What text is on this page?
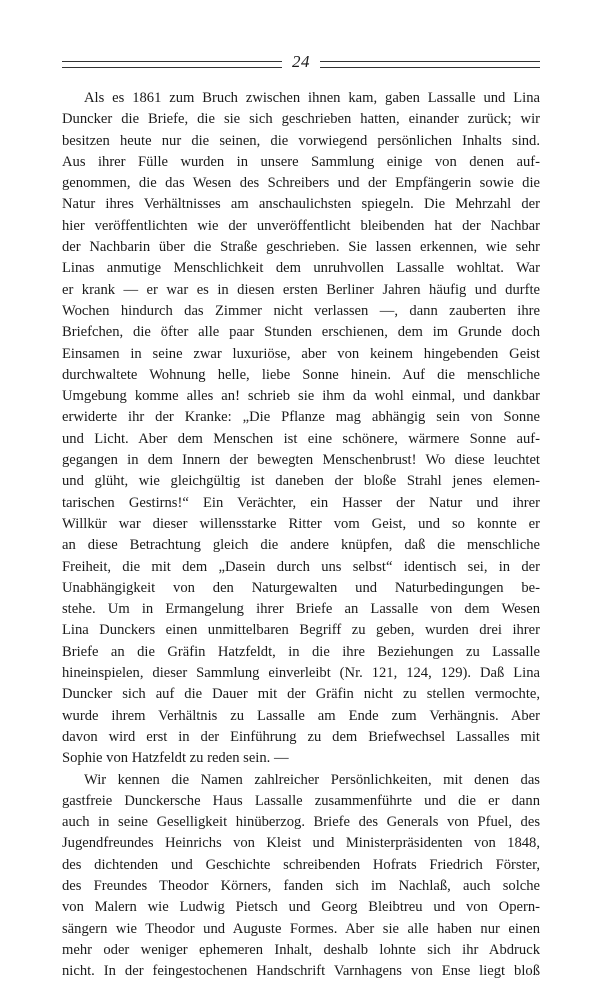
24

Als es 1861 zum Bruch zwischen ihnen kam, gaben Lassalle und Lina
Duncker die Briefe, die sie sich geschrieben hatten, einander zurück; wir
besitzen heute nur die seinen, die vorwiegend persönlichen Inhalts sind.
Aus ihrer Fülle wurden in unsere Sammlung einige von denen auf-
genommen, die das Wesen des Schreibers und der Empfängerin sowie die
Natur ihres Verhältnisses am anschaulichsten spiegeln. Die Mehrzahl der
hier veröffentlichten wie der unveröffentlicht bleibenden hat der Nachbar
der Nachbarin über die Straße geschrieben. Sie lassen erkennen, wie sehr
Linas anmutige Menschlichkeit dem unruhvollen Lassalle wohltat. War
er krank — er war es in diesen ersten Berliner Jahren häufig und durfte
Wochen hindurch das Zimmer nicht verlassen —, dann zauberten ihre
Briefchen, die öfter alle paar Stunden erschienen, dem im Grunde doch
Einsamen in seine zwar luxuriöse, aber von keinem hingebenden Geist
durchwaltete Wohnung helle, liebe Sonne hinein. Auf die menschliche
Umgebung komme alles an! schrieb sie ihm da wohl einmal, und dankbar
erwiderte ihr der Kranke: „Die Pflanze mag abhängig sein von Sonne
und Licht. Aber dem Menschen ist eine schönere, wärmere Sonne auf-
gegangen in dem Innern der bewegten Menschenbrust! Wo diese leuchtet
und glüht, wie gleichgültig ist daneben der bloße Strahl jenes elemen-
tarischen Gestirns!“ Ein Verächter, ein Hasser der Natur und ihrer
Willkür war dieser willensstarke Ritter vom Geist, und so konnte er
an diese Betrachtung gleich die andere knüpfen, daß die menschliche
Freiheit, die mit dem „Dasein durch uns selbst“ identisch sei, in der
Unabhängigkeit von den Naturgewalten und Naturbedingungen be-
stehe. Um in Ermangelung ihrer Briefe an Lassalle von dem Wesen
Lina Dunckers einen unmittelbaren Begriff zu geben, wurden drei ihrer
Briefe an die Gräfin Hatzfeldt, in die ihre Beziehungen zu Lassalle
hineinspielen, dieser Sammlung einverleibt (Nr. 121, 124, 129). Daß Lina
Duncker sich auf die Dauer mit der Gräfin nicht zu stellen vermochte,
wurde ihrem Verhältnis zu Lassalle am Ende zum Verhängnis. Aber
davon wird erst in der Einführung zu dem Briefwechsel Lassalles mit
Sophie von Hatzfeldt zu reden sein. —

Wir kennen die Namen zahlreicher Persönlichkeiten, mit denen das
gastfreie Dunckersche Haus Lassalle zusammenführte und die er dann
auch in seine Geselligkeit hinüberzog. Briefe des Generals von Pfuel, des
Jugendfreundes Heinrichs von Kleist und Ministerpräsidenten von 1848,
des dichtenden und Geschichte schreibenden Hofrats Friedrich Förster,
des Freundes Theodor Körners, fanden sich im Nachlaß, auch solche
von Malern wie Ludwig Pietsch und Georg Bleibtreu und von Opern-
sängern wie Theodor und Auguste Formes. Aber sie alle haben nur einen
mehr oder weniger ephemeren Inhalt, deshalb lohnte sich ihr Abdruck
nicht. In der feingestochenen Handschrift Varnhagens von Ense liegt bloß
